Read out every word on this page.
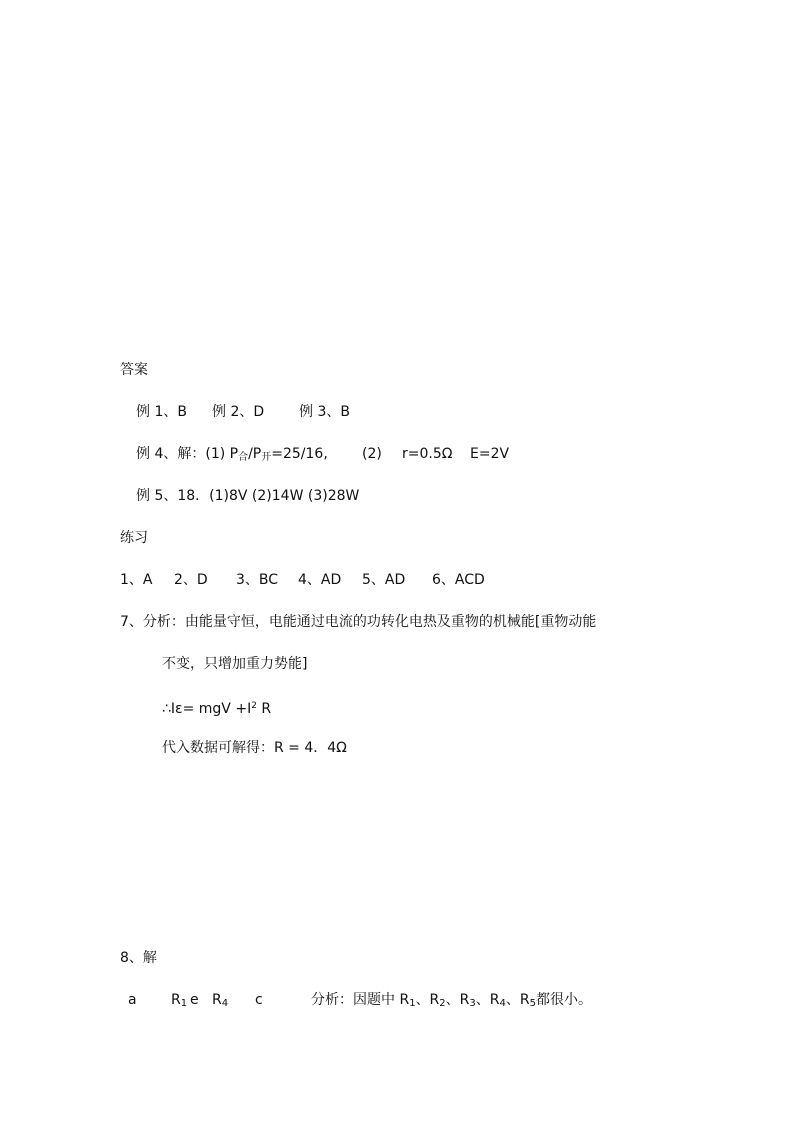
答案
例 1、B 例 2、D 例 3、B
例 4、解：(1) $P_合/P_开=25/16$, (2) r=0.5Ω E=2V
例 5、18．(1)8V (2)14W (3)28W
练习
1、A 2、D 3、BC 4、AD 5、AD 6、ACD
7、分析：由能量守恒，电能通过电流的功转化电热及重物的机械能[重物动能
不变，只增加重力势能]
∴Iε= mgV $+I^2$ R
代入数据可解得：R = 4．4Ω
8、解
a R1 e R4 c	分析：因题中 R1、R2、R3、R4、R5都很小。
